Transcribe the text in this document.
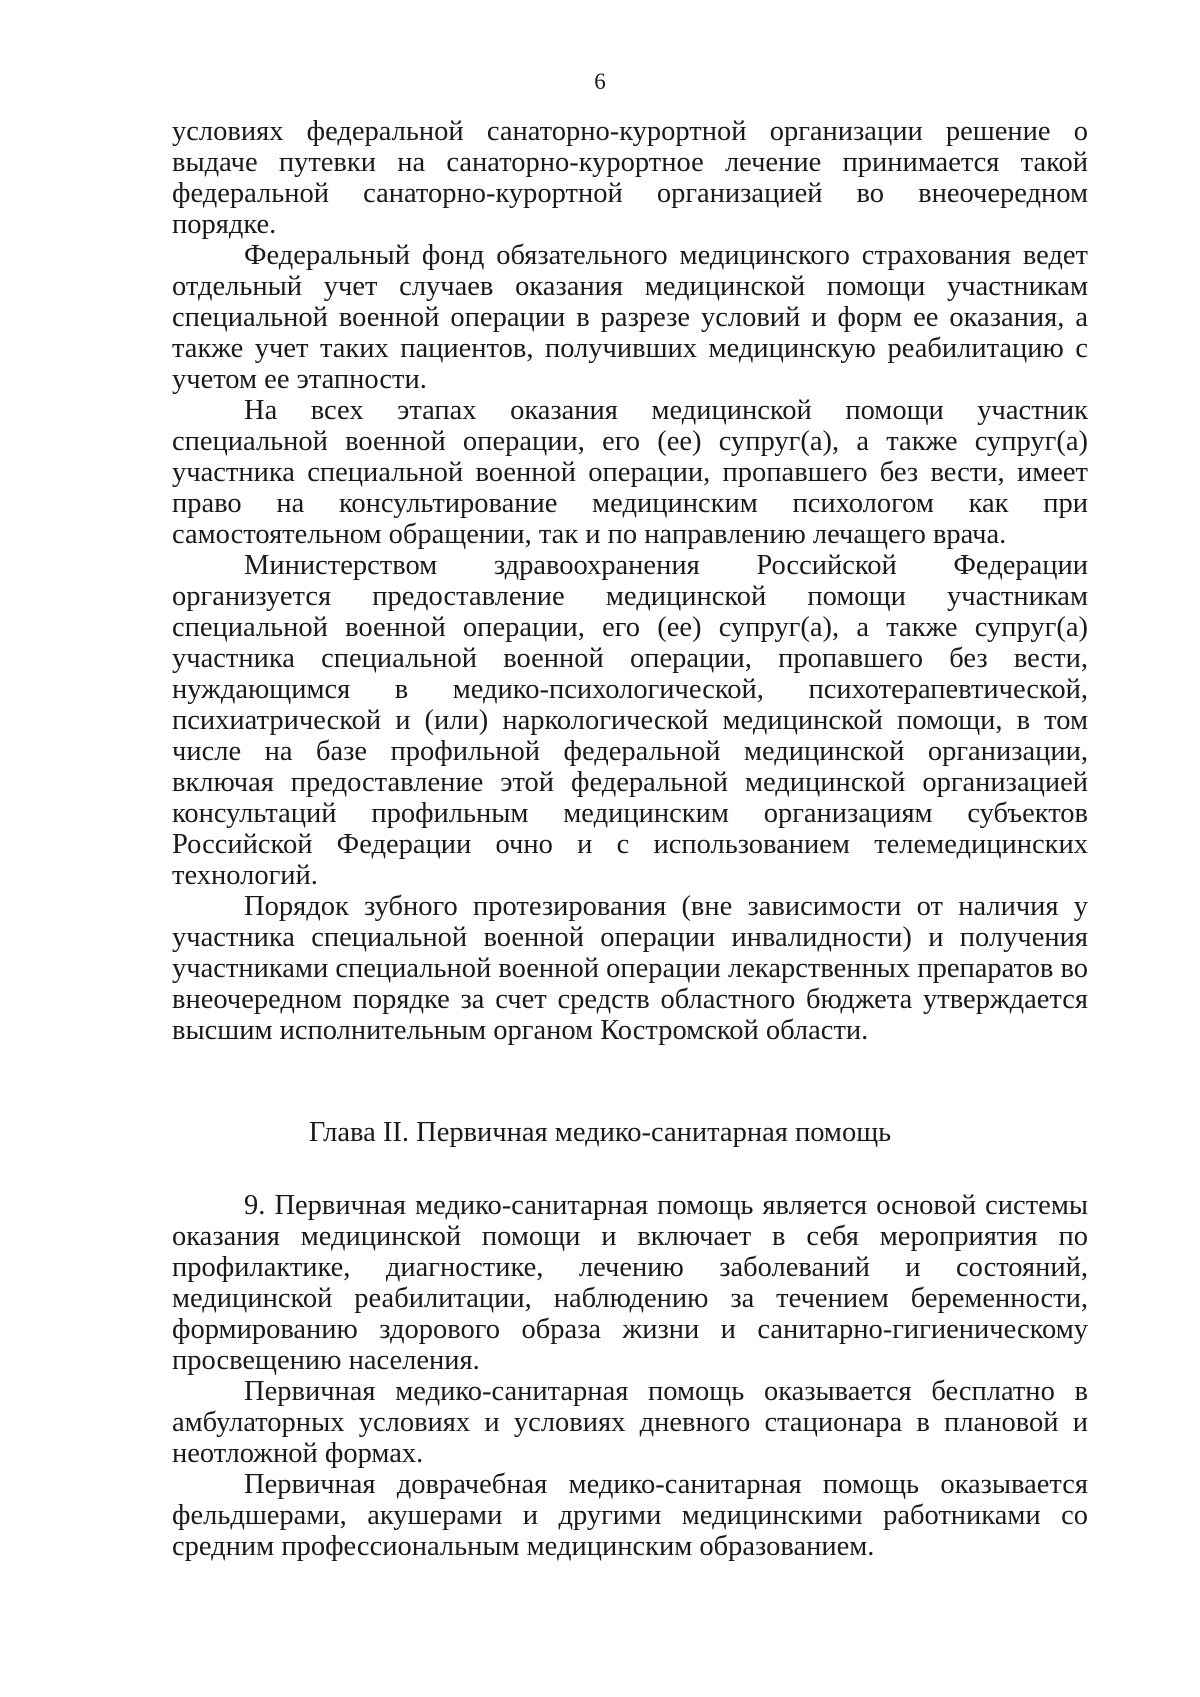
6

условиях федеральной санаторно-курортной организации решение о выдаче путевки на санаторно-курортное лечение принимается такой федеральной санаторно-курортной организацией во внеочередном порядке.

Федеральный фонд обязательного медицинского страхования ведет отдельный учет случаев оказания медицинской помощи участникам специальной военной операции в разрезе условий и форм ее оказания, а также учет таких пациентов, получивших медицинскую реабилитацию с учетом ее этапности.

На всех этапах оказания медицинской помощи участник специальной военной операции, его (ее) супруг(а), а также супруг(а) участника специальной военной операции, пропавшего без вести, имеет право на консультирование медицинским психологом как при самостоятельном обращении, так и по направлению лечащего врача.

Министерством здравоохранения Российской Федерации организуется предоставление медицинской помощи участникам специальной военной операции, его (ее) супруг(а), а также супруг(а) участника специальной военной операции, пропавшего без вести, нуждающимся в медико-психологической, психотерапевтической, психиатрической и (или) наркологической медицинской помощи, в том числе на базе профильной федеральной медицинской организации, включая предоставление этой федеральной медицинской организацией консультаций профильным медицинским организациям субъектов Российской Федерации очно и с использованием телемедицинских технологий.

Порядок зубного протезирования (вне зависимости от наличия у участника специальной военной операции инвалидности) и получения участниками специальной военной операции лекарственных препаратов во внеочередном порядке за счет средств областного бюджета утверждается высшим исполнительным органом Костромской области.

Глава II. Первичная медико-санитарная помощь

9. Первичная медико-санитарная помощь является основой системы оказания медицинской помощи и включает в себя мероприятия по профилактике, диагностике, лечению заболеваний и состояний, медицинской реабилитации, наблюдению за течением беременности, формированию здорового образа жизни и санитарно-гигиеническому просвещению населения.

Первичная медико-санитарная помощь оказывается бесплатно в амбулаторных условиях и условиях дневного стационара в плановой и неотложной формах.

Первичная доврачебная медико-санитарная помощь оказывается фельдшерами, акушерами и другими медицинскими работниками со средним профессиональным медицинским образованием.
